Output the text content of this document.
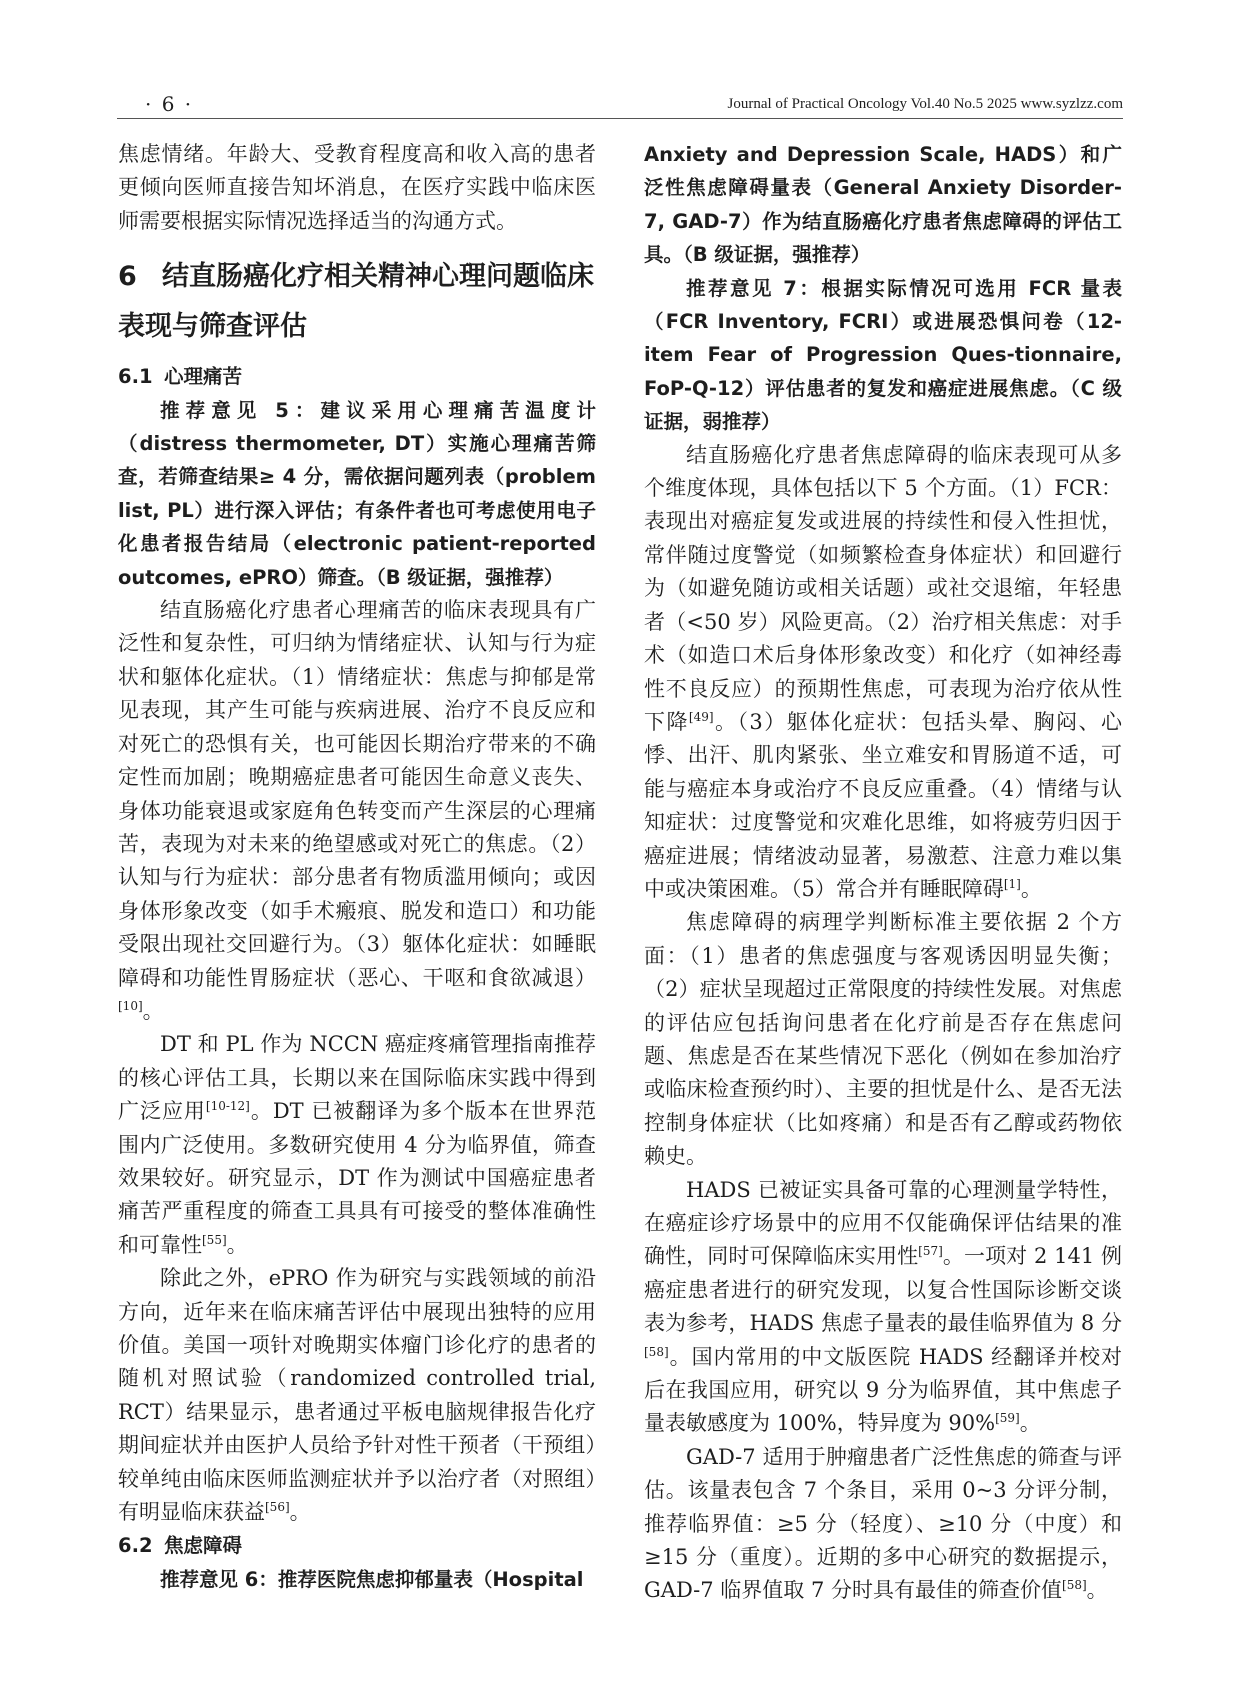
· 6 ·	Journal of Practical Oncology Vol.40 No.5 2025 www.syzlzz.com

焦虑情绪。年龄大、受教育程度高和收入高的患者更倾向医师直接告知坏消息，在医疗实践中临床医师需要根据实际情况选择适当的沟通方式。

6 结直肠癌化疗相关精神心理问题临床表现与筛查评估
6.1 心理痛苦

推荐意见 5：建议采用心理痛苦温度计（distress thermometer, DT）实施心理痛苦筛查，若筛查结果≥ 4 分，需依据问题列表（problem list, PL）进行深入评估；有条件者也可考虑使用电子化患者报告结局（electronic patient-reported outcomes, ePRO）筛查。（B 级证据，强推荐）

结直肠癌化疗患者心理痛苦的临床表现具有广泛性和复杂性，可归纳为情绪症状、认知与行为症状和躯体化症状。（1）情绪症状：焦虑与抑郁是常见表现，其产生可能与疾病进展、治疗不良反应和对死亡的恐惧有关，也可能因长期治疗带来的不确定性而加剧；晚期癌症患者可能因生命意义丧失、身体功能衰退或家庭角色转变而产生深层的心理痛苦，表现为对未来的绝望感或对死亡的焦虑。（2）认知与行为症状：部分患者有物质滥用倾向；或因身体形象改变（如手术瘢痕、脱发和造口）和功能受限出现社交回避行为。（3）躯体化症状：如睡眠障碍和功能性胃肠症状（恶心、干呕和食欲减退）[10]。

DT 和 PL 作为 NCCN 癌症疼痛管理指南推荐的核心评估工具，长期以来在国际临床实践中得到广泛应用[10-12]。DT 已被翻译为多个版本在世界范围内广泛使用。多数研究使用 4 分为临界值，筛查效果较好。研究显示，DT 作为测试中国癌症患者痛苦严重程度的筛查工具具有可接受的整体准确性和可靠性[55]。

除此之外，ePRO 作为研究与实践领域的前沿方向，近年来在临床痛苦评估中展现出独特的应用价值。美国一项针对晚期实体瘤门诊化疗的患者的随机对照试验（randomized controlled trial, RCT）结果显示，患者通过平板电脑规律报告化疗期间症状并由医护人员给予针对性干预者（干预组）较单纯由临床医师监测症状并予以治疗者（对照组）有明显临床获益[56]。

6.2 焦虑障碍

推荐意见 6：推荐医院焦虑抑郁量表（Hospital

Anxiety and Depression Scale, HADS）和广泛性焦虑障碍量表（General Anxiety Disorder-7, GAD-7）作为结直肠癌化疗患者焦虑障碍的评估工具。（B 级证据，强推荐）

推荐意见 7：根据实际情况可选用 FCR 量表（FCR Inventory, FCRI）或进展恐惧问卷（12-item Fear of Progression Ques-tionnaire, FoP-Q-12）评估患者的复发和癌症进展焦虑。（C 级证据，弱推荐）

结直肠癌化疗患者焦虑障碍的临床表现可从多个维度体现，具体包括以下 5 个方面。（1）FCR：表现出对癌症复发或进展的持续性和侵入性担忧，常伴随过度警觉（如频繁检查身体症状）和回避行为（如避免随访或相关话题）或社交退缩，年轻患者（<50 岁）风险更高。（2）治疗相关焦虑：对手术（如造口术后身体形象改变）和化疗（如神经毒性不良反应）的预期性焦虑，可表现为治疗依从性下降[49]。（3）躯体化症状：包括头晕、胸闷、心悸、出汗、肌肉紧张、坐立难安和胃肠道不适，可能与癌症本身或治疗不良反应重叠。（4）情绪与认知症状：过度警觉和灾难化思维，如将疲劳归因于癌症进展；情绪波动显著，易激惹、注意力难以集中或决策困难。（5）常合并有睡眠障碍[1]。

焦虑障碍的病理学判断标准主要依据 2 个方面：（1）患者的焦虑强度与客观诱因明显失衡；（2）症状呈现超过正常限度的持续性发展。对焦虑的评估应包括询问患者在化疗前是否存在焦虑问题、焦虑是否在某些情况下恶化（例如在参加治疗或临床检查预约时）、主要的担忧是什么、是否无法控制身体症状（比如疼痛）和是否有乙醇或药物依赖史。

HADS 已被证实具备可靠的心理测量学特性，在癌症诊疗场景中的应用不仅能确保评估结果的准确性，同时可保障临床实用性[57]。一项对 2 141 例癌症患者进行的研究发现，以复合性国际诊断交谈表为参考，HADS 焦虑子量表的最佳临界值为 8 分[58]。国内常用的中文版医院 HADS 经翻译并校对后在我国应用，研究以 9 分为临界值，其中焦虑子量表敏感度为 100%，特异度为 90%[59]。

GAD-7 适用于肿瘤患者广泛性焦虑的筛查与评估。该量表包含 7 个条目，采用 0~3 分评分制，推荐临界值：≥5 分（轻度）、≥10 分（中度）和≥15 分（重度）。近期的多中心研究的数据提示，GAD-7 临界值取 7 分时具有最佳的筛查价值[58]。
